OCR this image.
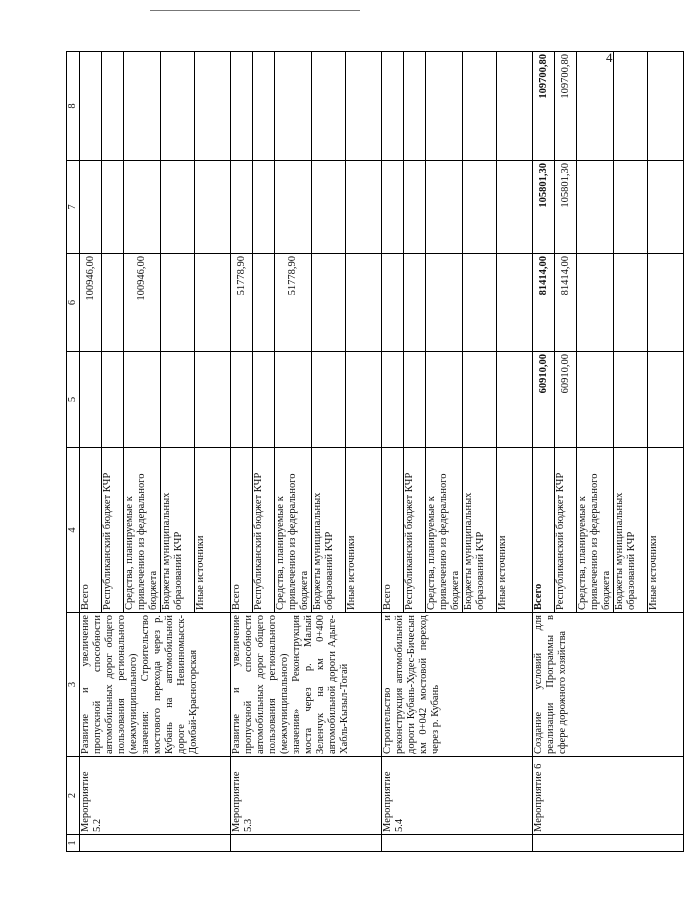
4
1	2	3	4	5	6	7	8
	Мероприятие 5.2	Развитие и увеличение пропускной способности автомобильных дорог общего пользования регионального (межмуниципального) значения: Строительство мостового перехода через р. Кубань на автомобильной дороге Невинномысск-Домбай-Красногорская	Всего		100946,00		
			Республиканский бюджет КЧР				
			Средства, планируемые к привлечению из федерального бюджета		100946,00		
			Бюджеты муниципальных образований КЧР				
			Иные источники				
	Мероприятие 5.3	Развитие и увеличение пропускной способности автомобильных дорог общего пользования регионального (межмуниципального) значения» Реконструкция моста через р. Малый Зеленчук на км 0+400 автомобильной дороги Адыге-Хабль-Кызыл-Тогай	Всего		51778,90		
			Республиканский бюджет КЧР				
			Средства, планируемые к привлечению из федерального бюджета		51778,90		
			Бюджеты муниципальных образований КЧР				
			Иные источники				
	Мероприятие 5.4	Строительство и реконструкция автомобильной дороги Кубань-Худес-Бичесын км 0+042 мостовой переход через р. Кубань	Всего				
			Республиканский бюджет КЧР				
			Средства, планируемые к привлечению из федерального бюджета				
			Бюджеты муниципальных образований КЧР				
			Иные источники				
	Мероприятие 6	Создание условий для реализации Программы в сфере дорожного хозяйства	Всего	60910,00	81414,00	105801,30	109700,80
			Республиканский бюджет КЧР	60910,00	81414,00	105801,30	109700,80
			Средства, планируемые к привлечению из федерального бюджета				
			Бюджеты муниципальных образований КЧР				
			Иные источники				
